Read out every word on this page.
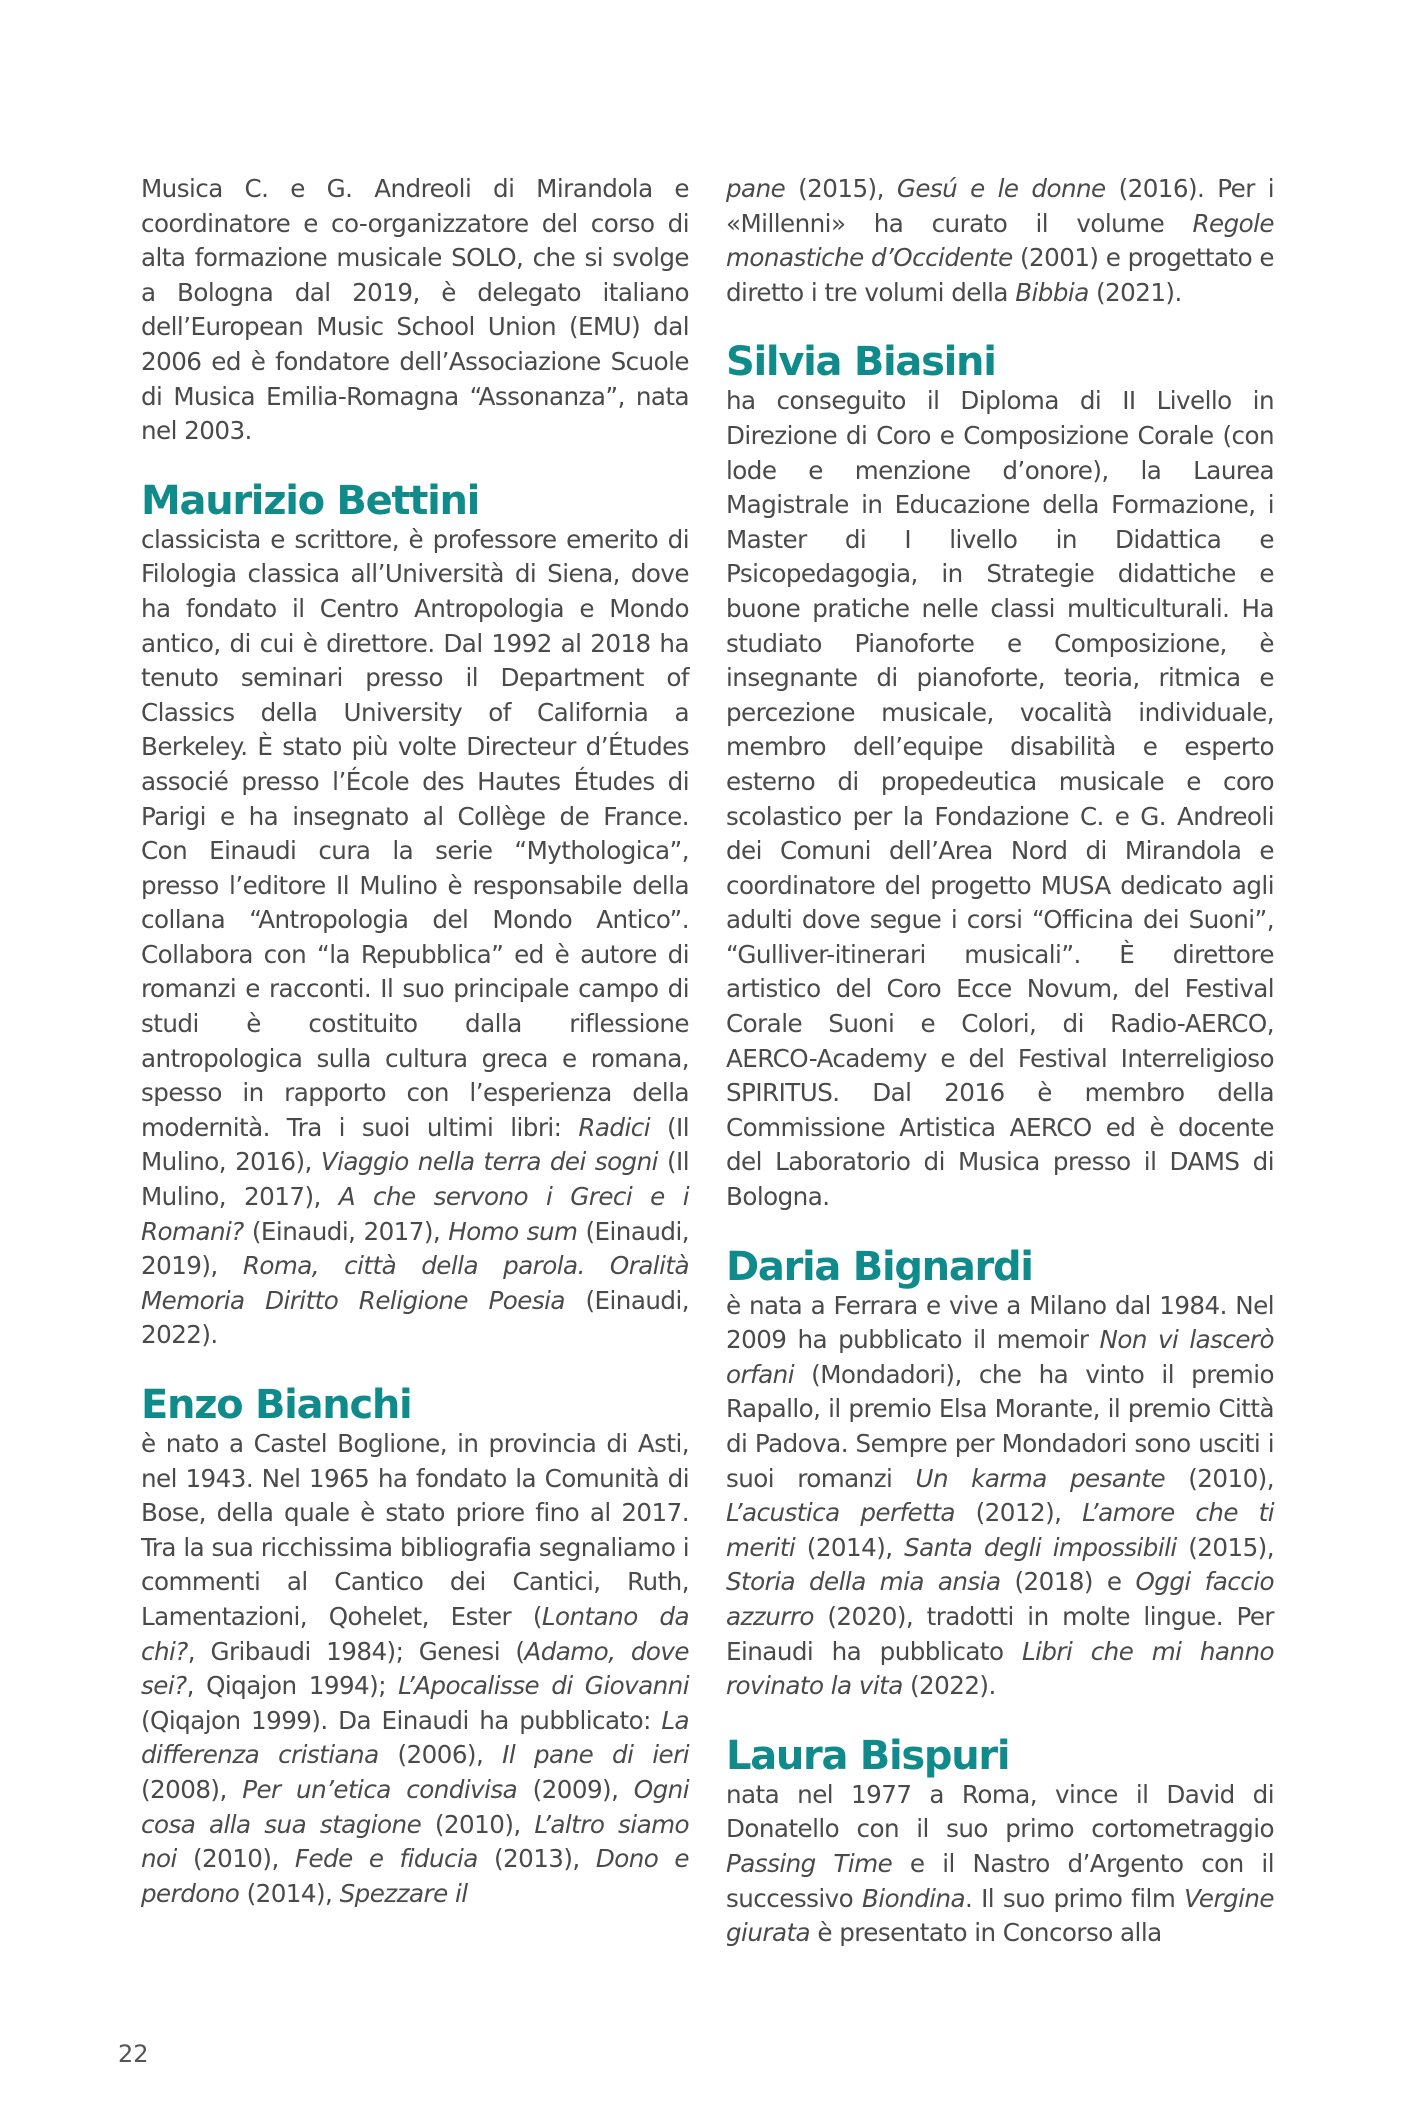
Musica C. e G. Andreoli di Mirandola e coordinatore e co-organizzatore del corso di alta formazione musicale SOLO, che si svolge a Bologna dal 2019, è delegato italiano dell’European Music School Union (EMU) dal 2006 ed è fondatore dell’Associazione Scuole di Musica Emilia-Romagna “Assonanza”, nata nel 2003.

Maurizio Bettini

classicista e scrittore, è professore emerito di Filologia classica all’Università di Siena, dove ha fondato il Centro Antropologia e Mondo antico, di cui è direttore. Dal 1992 al 2018 ha tenuto seminari presso il Department of Classics della University of California a Berkeley. È stato più volte Directeur d’Études associé presso l’École des Hautes Études di Parigi e ha insegnato al Collège de France. Con Einaudi cura la serie “Mythologica”, presso l’editore Il Mulino è responsabile della collana “Antropologia del Mondo Antico”. Collabora con “la Repubblica” ed è autore di romanzi e racconti. Il suo principale campo di studi è costituito dalla riflessione antropologica sulla cultura greca e romana, spesso in rapporto con l’esperienza della modernità. Tra i suoi ultimi libri: Radici (Il Mulino, 2016), Viaggio nella terra dei sogni (Il Mulino, 2017), A che servono i Greci e i Romani? (Einaudi, 2017), Homo sum (Einaudi, 2019), Roma, città della parola. Oralità Memoria Diritto Religione Poesia (Einaudi, 2022).

Enzo Bianchi

è nato a Castel Boglione, in provincia di Asti, nel 1943. Nel 1965 ha fondato la Comunità di Bose, della quale è stato priore fino al 2017. Tra la sua ricchissima bibliografia segnaliamo i commenti al Cantico dei Cantici, Ruth, Lamentazioni, Qohelet, Ester (Lontano da chi?, Gribaudi 1984); Genesi (Adamo, dove sei?, Qiqajon 1994); L’Apocalisse di Giovanni (Qiqajon 1999). Da Einaudi ha pubblicato: La differenza cristiana (2006), Il pane di ieri (2008), Per un’etica condivisa (2009), Ogni cosa alla sua stagione (2010), L’altro siamo noi (2010), Fede e fiducia (2013), Dono e perdono (2014), Spezzare il

pane (2015), Gesú e le donne (2016). Per i «Millenni» ha curato il volume Regole monastiche d’Occidente (2001) e progettato e diretto i tre volumi della Bibbia (2021).

Silvia Biasini

ha conseguito il Diploma di II Livello in Direzione di Coro e Composizione Corale (con lode e menzione d’onore), la Laurea Magistrale in Educazione della Formazione, i Master di I livello in Didattica e Psicopedagogia, in Strategie didattiche e buone pratiche nelle classi multiculturali. Ha studiato Pianoforte e Composizione, è insegnante di pianoforte, teoria, ritmica e percezione musicale, vocalità individuale, membro dell’equipe disabilità e esperto esterno di propedeutica musicale e coro scolastico per la Fondazione C. e G. Andreoli dei Comuni dell’Area Nord di Mirandola e coordinatore del progetto MUSA dedicato agli adulti dove segue i corsi “Officina dei Suoni”, “Gulliver-itinerari musicali”. È direttore artistico del Coro Ecce Novum, del Festival Corale Suoni e Colori, di Radio-AERCO, AERCO-Academy e del Festival Interreligioso SPIRITUS. Dal 2016 è membro della Commissione Artistica AERCO ed è docente del Laboratorio di Musica presso il DAMS di Bologna.

Daria Bignardi

è nata a Ferrara e vive a Milano dal 1984. Nel 2009 ha pubblicato il memoir Non vi lascerò orfani (Mondadori), che ha vinto il premio Rapallo, il premio Elsa Morante, il premio Città di Padova. Sempre per Mondadori sono usciti i suoi romanzi Un karma pesante (2010), L’acustica perfetta (2012), L’amore che ti meriti (2014), Santa degli impossibili (2015), Storia della mia ansia (2018) e Oggi faccio azzurro (2020), tradotti in molte lingue. Per Einaudi ha pubblicato Libri che mi hanno rovinato la vita (2022).

Laura Bispuri

nata nel 1977 a Roma, vince il David di Donatello con il suo primo cortometraggio Passing Time e il Nastro d’Argento con il successivo Biondina. Il suo primo film Vergine giurata è presentato in Concorso alla

22
